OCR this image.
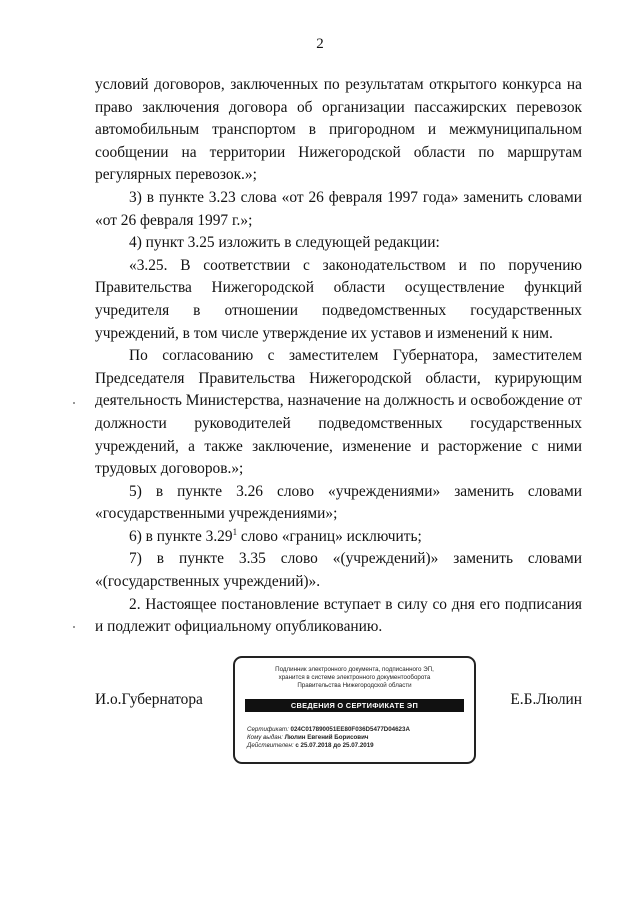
2

условий договоров, заключенных по результатам открытого конкурса на право заключения договора об организации пассажирских перевозок автомобильным транспортом в пригородном и межмуниципальном сообщении на территории Нижегородской области по маршрутам регулярных перевозок.»;

3) в пункте 3.23 слова «от 26 февраля 1997 года» заменить словами «от 26 февраля 1997 г.»;

4) пункт 3.25 изложить в следующей редакции:

«3.25. В соответствии с законодательством и по поручению Правительства Нижегородской области осуществление функций учредителя в отношении подведомственных государственных учреждений, в том числе утверждение их уставов и изменений к ним.

По согласованию с заместителем Губернатора, заместителем Председателя Правительства Нижегородской области, курирующим деятельность Министерства, назначение на должность и освобождение от должности руководителей подведомственных государственных учреждений, а также заключение, изменение и расторжение с ними трудовых договоров.»;

5) в пункте 3.26 слово «учреждениями» заменить словами «государственными учреждениями»;

6) в пункте 3.29$^1$ слово «границ» исключить;

7) в пункте 3.35 слово «(учреждений)» заменить словами «(государственных учреждений)».

2. Настоящее постановление вступает в силу со дня его подписания и подлежит официальному опубликованию.

И.о.Губернатора
Подлинник электронного документа, подписанного ЭП,
хранится в системе электронного документооборота
Правительства Нижегородской области
СВЕДЕНИЯ О СЕРТИФИКАТЕ ЭП
Сертификат: 024C017890051EE80F036D5477D04623A
Кому выдан: Люлин Евгений Борисович
Действителен: с 25.07.2018 до 25.07.2019
Е.Б.Люлин
